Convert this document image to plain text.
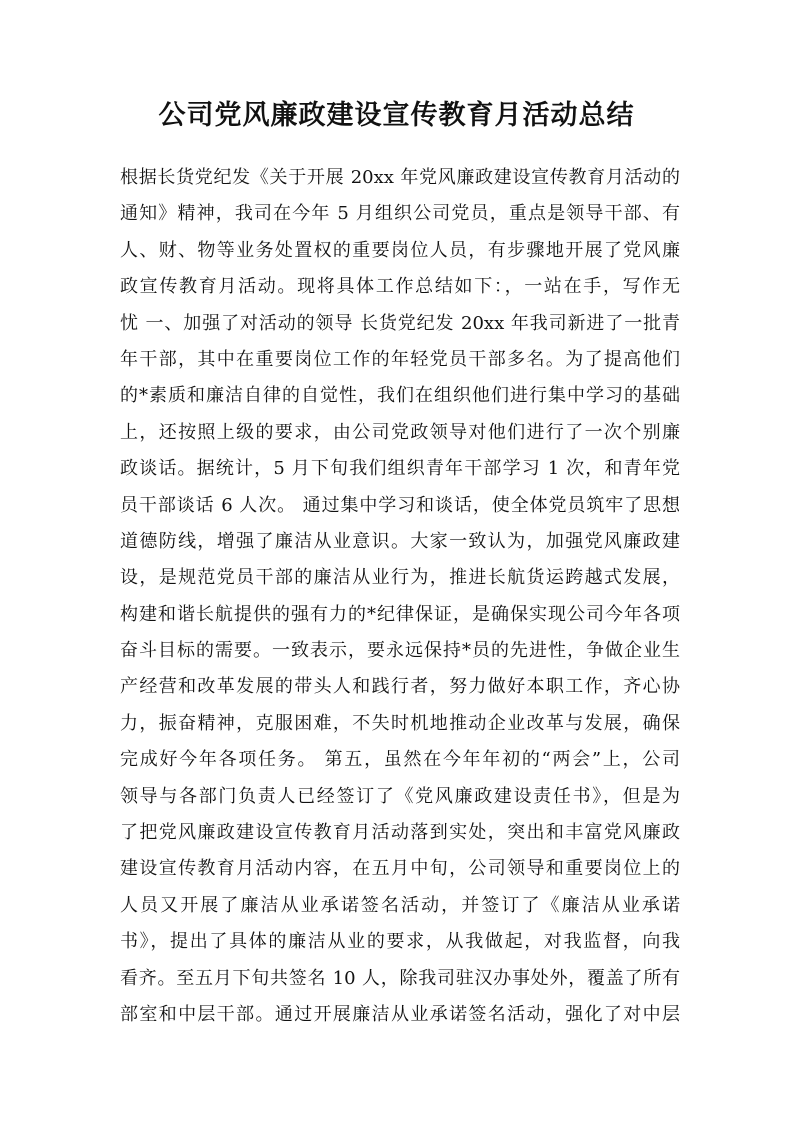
公司党风廉政建设宣传教育月活动总结
根据长货党纪发《关于开展 20xx 年党风廉政建设宣传教育月活动的
通知》精神，我司在今年 5 月组织公司党员，重点是领导干部、有
人、财、物等业务处置权的重要岗位人员，有步骤地开展了党风廉
政宣传教育月活动。现将具体工作总结如下：，一站在手，写作无
忧 一、加强了对活动的领导 长货党纪发 20xx 年我司新进了一批青
年干部，其中在重要岗位工作的年轻党员干部多名。为了提高他们
的*素质和廉洁自律的自觉性，我们在组织他们进行集中学习的基础
上，还按照上级的要求，由公司党政领导对他们进行了一次个别廉
政谈话。据统计，5 月下旬我们组织青年干部学习 1 次，和青年党
员干部谈话 6 人次。 通过集中学习和谈话，使全体党员筑牢了思想
道德防线，增强了廉洁从业意识。大家一致认为，加强党风廉政建
设，是规范党员干部的廉洁从业行为，推进长航货运跨越式发展，
构建和谐长航提供的强有力的*纪律保证，是确保实现公司今年各项
奋斗目标的需要。一致表示，要永远保持*员的先进性，争做企业生
产经营和改革发展的带头人和践行者，努力做好本职工作，齐心协
力，振奋精神，克服困难，不失时机地推动企业改革与发展，确保
完成好今年各项任务。 第五，虽然在今年年初的“两会”上，公司
领导与各部门负责人已经签订了《党风廉政建设责任书》，但是为
了把党风廉政建设宣传教育月活动落到实处，突出和丰富党风廉政
建设宣传教育月活动内容，在五月中旬，公司领导和重要岗位上的
人员又开展了廉洁从业承诺签名活动，并签订了《廉洁从业承诺
书》，提出了具体的廉洁从业的要求，从我做起，对我监督，向我
看齐。至五月下旬共签名 10 人，除我司驻汉办事处外，覆盖了所有
部室和中层干部。通过开展廉洁从业承诺签名活动，强化了对中层
